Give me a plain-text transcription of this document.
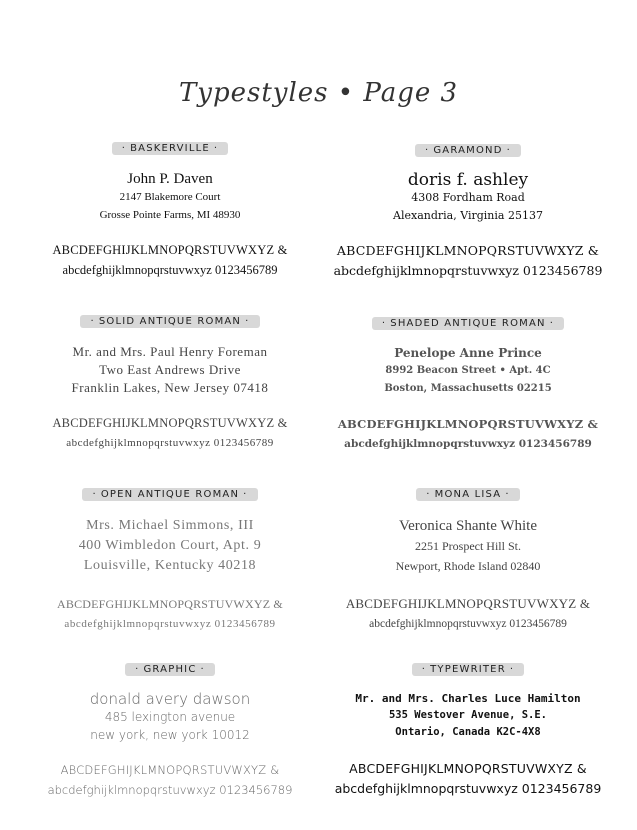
Typestyles • Page 3
· BASKERVILLE ·
John P. Daven
2147 Blakemore Court
Grosse Pointe Farms, MI 48930
ABCDEFGHIJKLMNOPQRSTUVWXYZ &
abcdefghijklmnopqrstuvwxyz 0123456789
· GARAMOND ·
doris f. ashley
4308 Fordham Road
Alexandria, Virginia 25137
ABCDEFGHIJKLMNOPQRSTUVWXYZ &
abcdefghijklmnopqrstuvwxyz 0123456789
· SOLID ANTIQUE ROMAN ·
Mr. and Mrs. Paul Henry Foreman
Two East Andrews Drive
Franklin Lakes, New Jersey 07418
ABCDEFGHIJKLMNOPQRSTUVWXYZ &
abcdefghijklmnopqrstuvwxyz 0123456789
· SHADED ANTIQUE ROMAN ·
Penelope Anne Prince
8992 Beacon Street • Apt. 4C
Boston, Massachusetts 02215
ABCDEFGHIJKLMNOPQRSTUVWXYZ &
abcdefghijklmnopqrstuvwxyz 0123456789
· OPEN ANTIQUE ROMAN ·
Mrs. Michael Simmons, III
400 Wimbledon Court, Apt. 9
Louisville, Kentucky 40218
ABCDEFGHIJKLMNOPQRSTUVWXYZ &
abcdefghijklmnopqrstuvwxyz 0123456789
· MONA LISA ·
Veronica Shante White
2251 Prospect Hill St.
Newport, Rhode Island 02840
ABCDEFGHIJKLMNOPQRSTUVWXYZ &
abcdefghijklmnopqrstuvwxyz 0123456789
· GRAPHIC ·
donald avery dawson
485 lexington avenue
new york, new york 10012
ABCDEFGHIJKLMNOPQRSTUVWXYZ &
abcdefghijklmnopqrstuvwxyz 0123456789
· TYPEWRITER ·
Mr. and Mrs. Charles Luce Hamilton
535 Westover Avenue, S.E.
Ontario, Canada K2C-4X8
ABCDEFGHIJKLMNOPQRSTUVWXYZ &
abcdefghijklmnopqrstuvwxyz 0123456789
